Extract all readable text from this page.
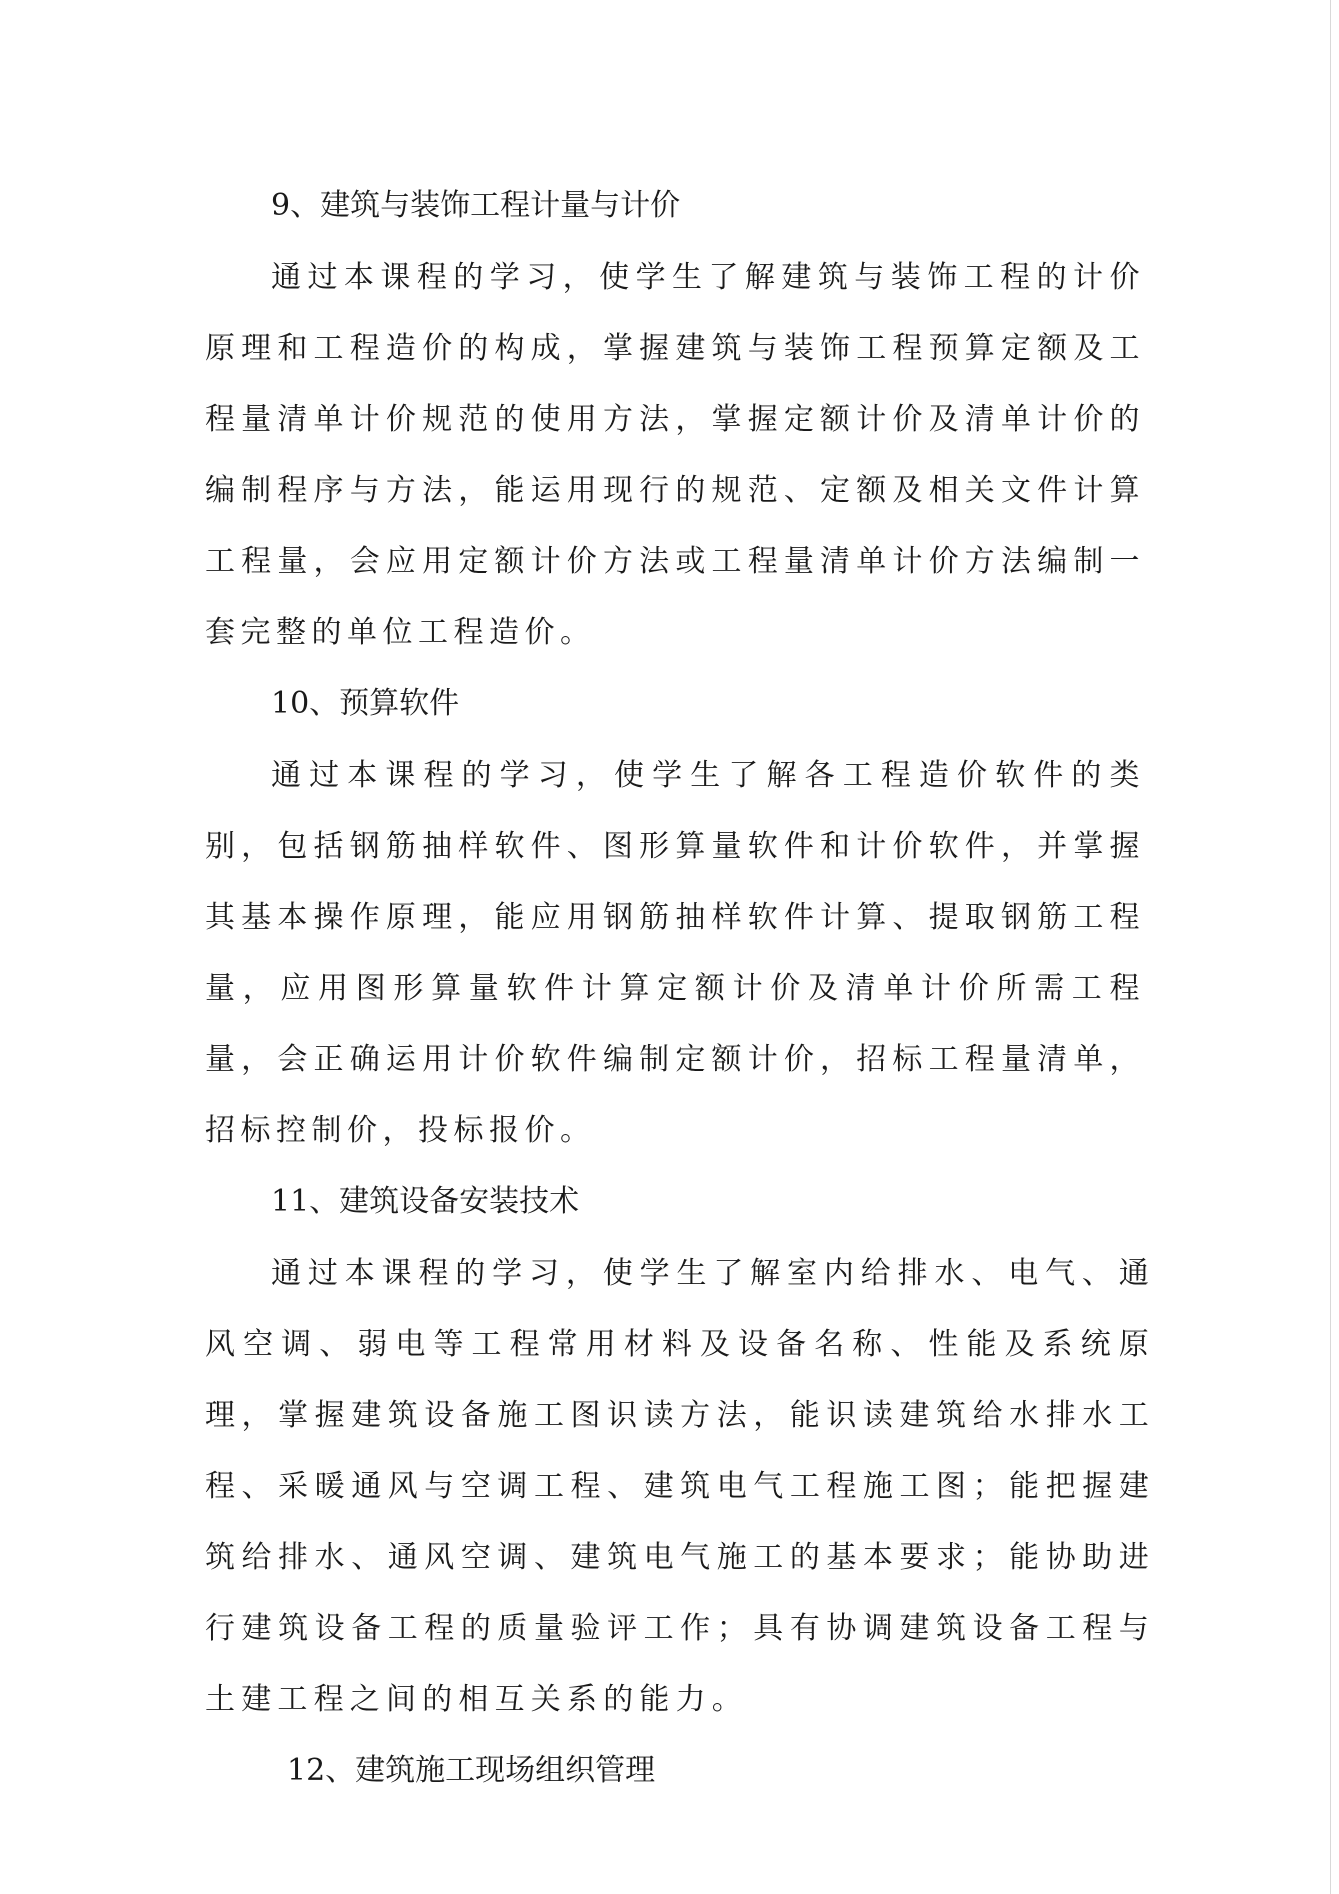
9、建筑与装饰工程计量与计价

通过本课程的学习，使学生了解建筑与装饰工程的计价原理和工程造价的构成，掌握建筑与装饰工程预算定额及工程量清单计价规范的使用方法，掌握定额计价及清单计价的编制程序与方法，能运用现行的规范、定额及相关文件计算工程量，会应用定额计价方法或工程量清单计价方法编制一套完整的单位工程造价。

10、预算软件

通过本课程的学习，使学生了解各工程造价软件的类别，包括钢筋抽样软件、图形算量软件和计价软件，并掌握其基本操作原理，能应用钢筋抽样软件计算、提取钢筋工程量，应用图形算量软件计算定额计价及清单计价所需工程量，会正确运用计价软件编制定额计价，招标工程量清单，招标控制价，投标报价。

11、建筑设备安装技术

通过本课程的学习，使学生了解室内给排水、电气、通风空调、弱电等工程常用材料及设备名称、性能及系统原理，掌握建筑设备施工图识读方法，能识读建筑给水排水工程、采暖通风与空调工程、建筑电气工程施工图；能把握建筑给排水、通风空调、建筑电气施工的基本要求；能协助进行建筑设备工程的质量验评工作；具有协调建筑设备工程与土建工程之间的相互关系的能力。

12、建筑施工现场组织管理
